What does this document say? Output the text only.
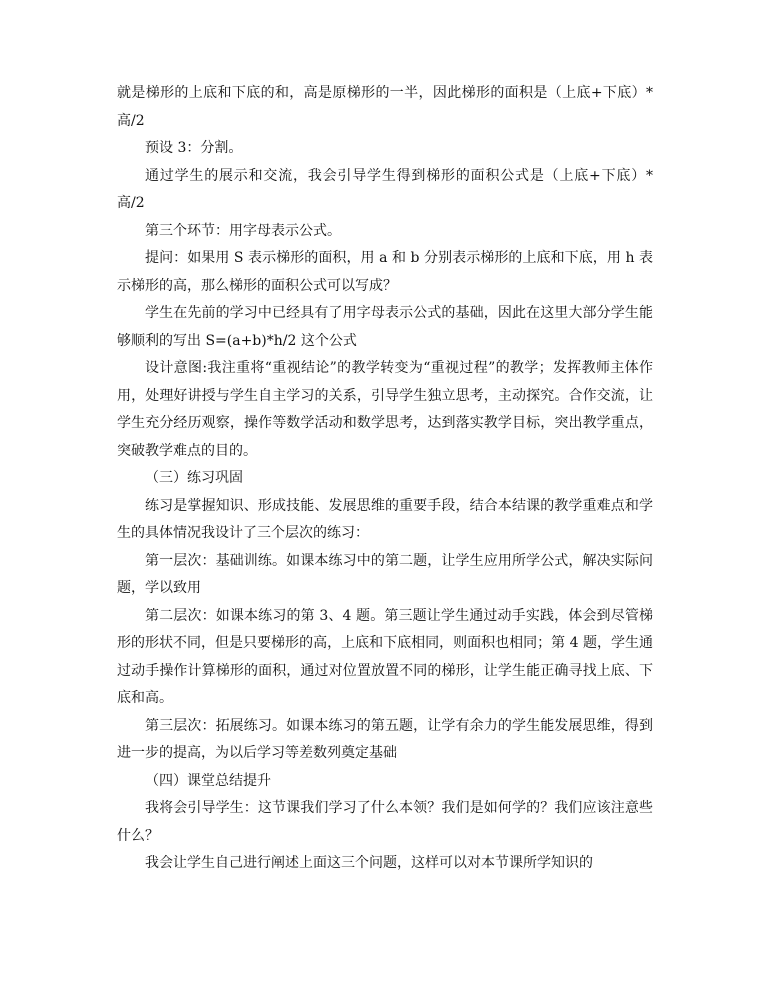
就是梯形的上底和下底的和，高是原梯形的一半，因此梯形的面积是（上底+下底）*高/2

预设 3：分割。

通过学生的展示和交流，我会引导学生得到梯形的面积公式是（上底+下底）*高/2

第三个环节：用字母表示公式。

提问：如果用 S 表示梯形的面积，用 a 和 b 分别表示梯形的上底和下底，用 h 表示梯形的高，那么梯形的面积公式可以写成？

学生在先前的学习中已经具有了用字母表示公式的基础，因此在这里大部分学生能够顺利的写出 S=(a+b)*h/2 这个公式

设计意图:我注重将“重视结论”的教学转变为“重视过程”的教学；发挥教师主体作用，处理好讲授与学生自主学习的关系，引导学生独立思考，主动探究。合作交流，让学生充分经历观察，操作等数学活动和数学思考，达到落实教学目标，突出教学重点，突破教学难点的目的。

（三）练习巩固

练习是掌握知识、形成技能、发展思维的重要手段，结合本结课的教学重难点和学生的具体情况我设计了三个层次的练习：

第一层次：基础训练。如课本练习中的第二题，让学生应用所学公式，解决实际问题，学以致用

第二层次：如课本练习的第 3、4 题。第三题让学生通过动手实践，体会到尽管梯形的形状不同，但是只要梯形的高，上底和下底相同，则面积也相同；第 4 题，学生通过动手操作计算梯形的面积，通过对位置放置不同的梯形，让学生能正确寻找上底、下底和高。

第三层次：拓展练习。如课本练习的第五题，让学有余力的学生能发展思维，得到进一步的提高，为以后学习等差数列奠定基础

（四）课堂总结提升

我将会引导学生：这节课我们学习了什么本领？我们是如何学的？我们应该注意些什么？

我会让学生自己进行阐述上面这三个问题，这样可以对本节课所学知识的
